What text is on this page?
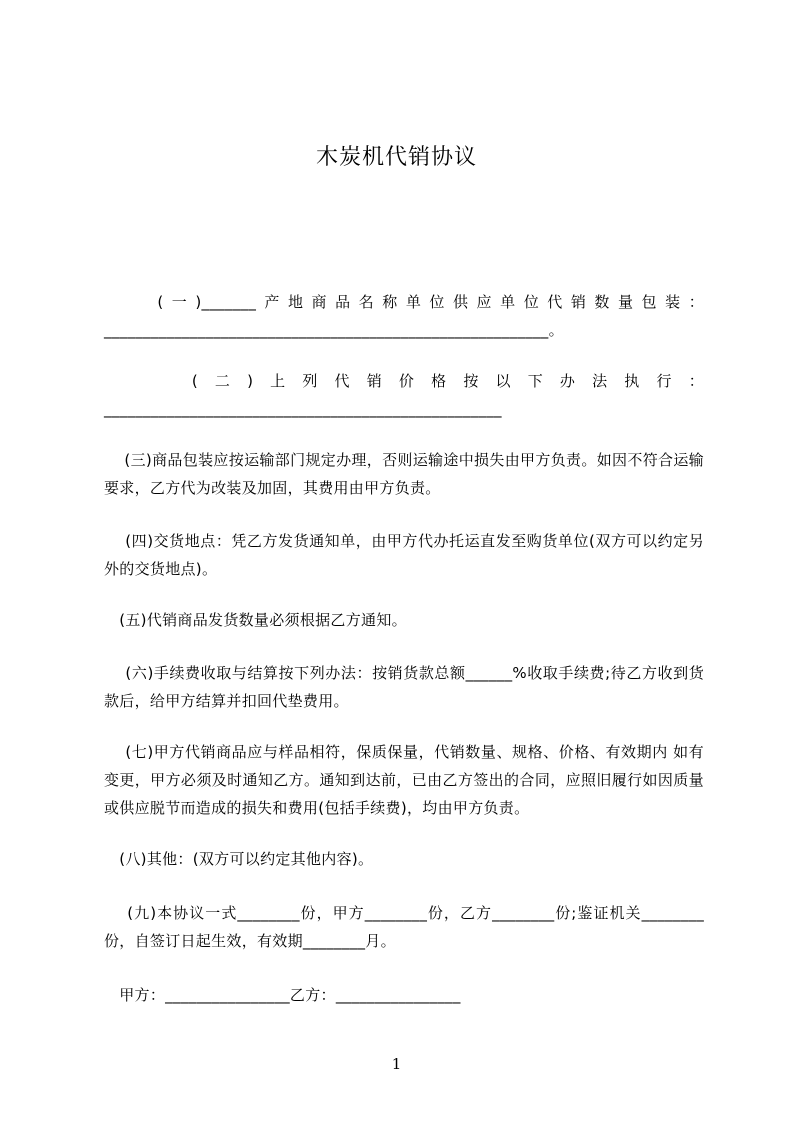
木炭机代销协议

(一)_______产地商品名称单位供应单位代销数量包装：_________________________________________________________。

(二)上列代销价格按以下办法执行：___________________________________________________

(三)商品包装应按运输部门规定办理，否则运输途中损失由甲方负责。如因不符合运输要求，乙方代为改装及加固，其费用由甲方负责。

(四)交货地点：凭乙方发货通知单，由甲方代办托运直发至购货单位(双方可以约定另外的交货地点)。

(五)代销商品发货数量必须根据乙方通知。

(六)手续费收取与结算按下列办法：按销货款总额______%收取手续费;待乙方收到货款后，给甲方结算并扣回代垫费用。

(七)甲方代销商品应与样品相符，保质保量，代销数量、规格、价格、有效期内 如有变更，甲方必须及时通知乙方。通知到达前，已由乙方签出的合同，应照旧履行如因质量或供应脱节而造成的损失和费用(包括手续费)，均由甲方负责。

(八)其他：(双方可以约定其他内容)。

(九)本协议一式________份，甲方________份，乙方________份;鉴证机关________份，自签订日起生效，有效期________月。

甲方：________________乙方：________________

1
